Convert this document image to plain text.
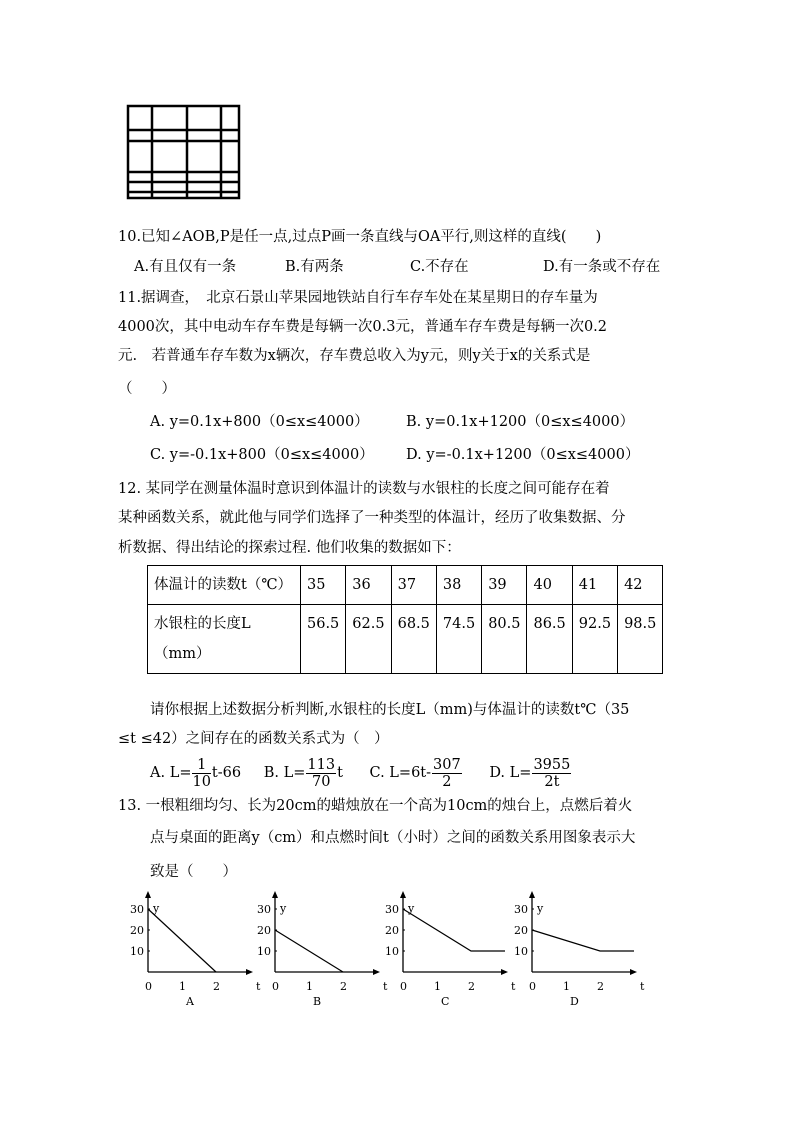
10.已知∠AOB,P是任一点,过点P画一条直线与OA平行,则这样的直线(　　)
A.有且仅有一条	B.有两条	C.不存在	D.有一条或不存在
11.据调查，　北京石景山苹果园地铁站自行车存车处在某星期日的存车量为
4000次，其中电动车存车费是每辆一次0.3元，普通车存车费是每辆一次0.2
元.　若普通车存车数为x辆次，存车费总收入为y元，则y关于x的关系式是
（　　）
A. y=0.1x+800（0≤x≤4000）	B. y=0.1x+1200（0≤x≤4000）
C. y=-0.1x+800（0≤x≤4000） D. y=-0.1x+1200（0≤x≤4000）
12. 某同学在测量体温时意识到体温计的读数与水银柱的长度之间可能存在着
某种函数关系，就此他与同学们选择了一种类型的体温计，经历了收集数据、分
析数据、得出结论的探索过程. 他们收集的数据如下：
体温计的读数t（℃）	35	36	37	38	39	40	41	42
水银柱的长度L（mm）	56.5	62.5	68.5	74.5	80.5	86.5	92.5	98.5
请你根据上述数据分析判断,水银柱的长度L（mm)与体温计的读数t℃（35
≤t ≤42）之间存在的函数关系式为（　）
A. $L= \frac{1}{10} t-66$ B. $L= \frac{113}{70}$ t C. $L=6t- \frac{307}{2} D$. $L= \frac{3955}{2t}$
13. 一根粗细均匀、长为20cm的蜡烛放在一个高为10cm的烛台上，点燃后着火
点与桌面的距离y（cm）和点燃时间t（小时）之间的函数关系用图象表示大
致是（　　）
y
t
10
20
30
0 1 2
A
y
t
10
20
30
0 1 2
B
y
t
10
20
30
0 1 2
C
y
t
10
20
30
0 1 2
D
